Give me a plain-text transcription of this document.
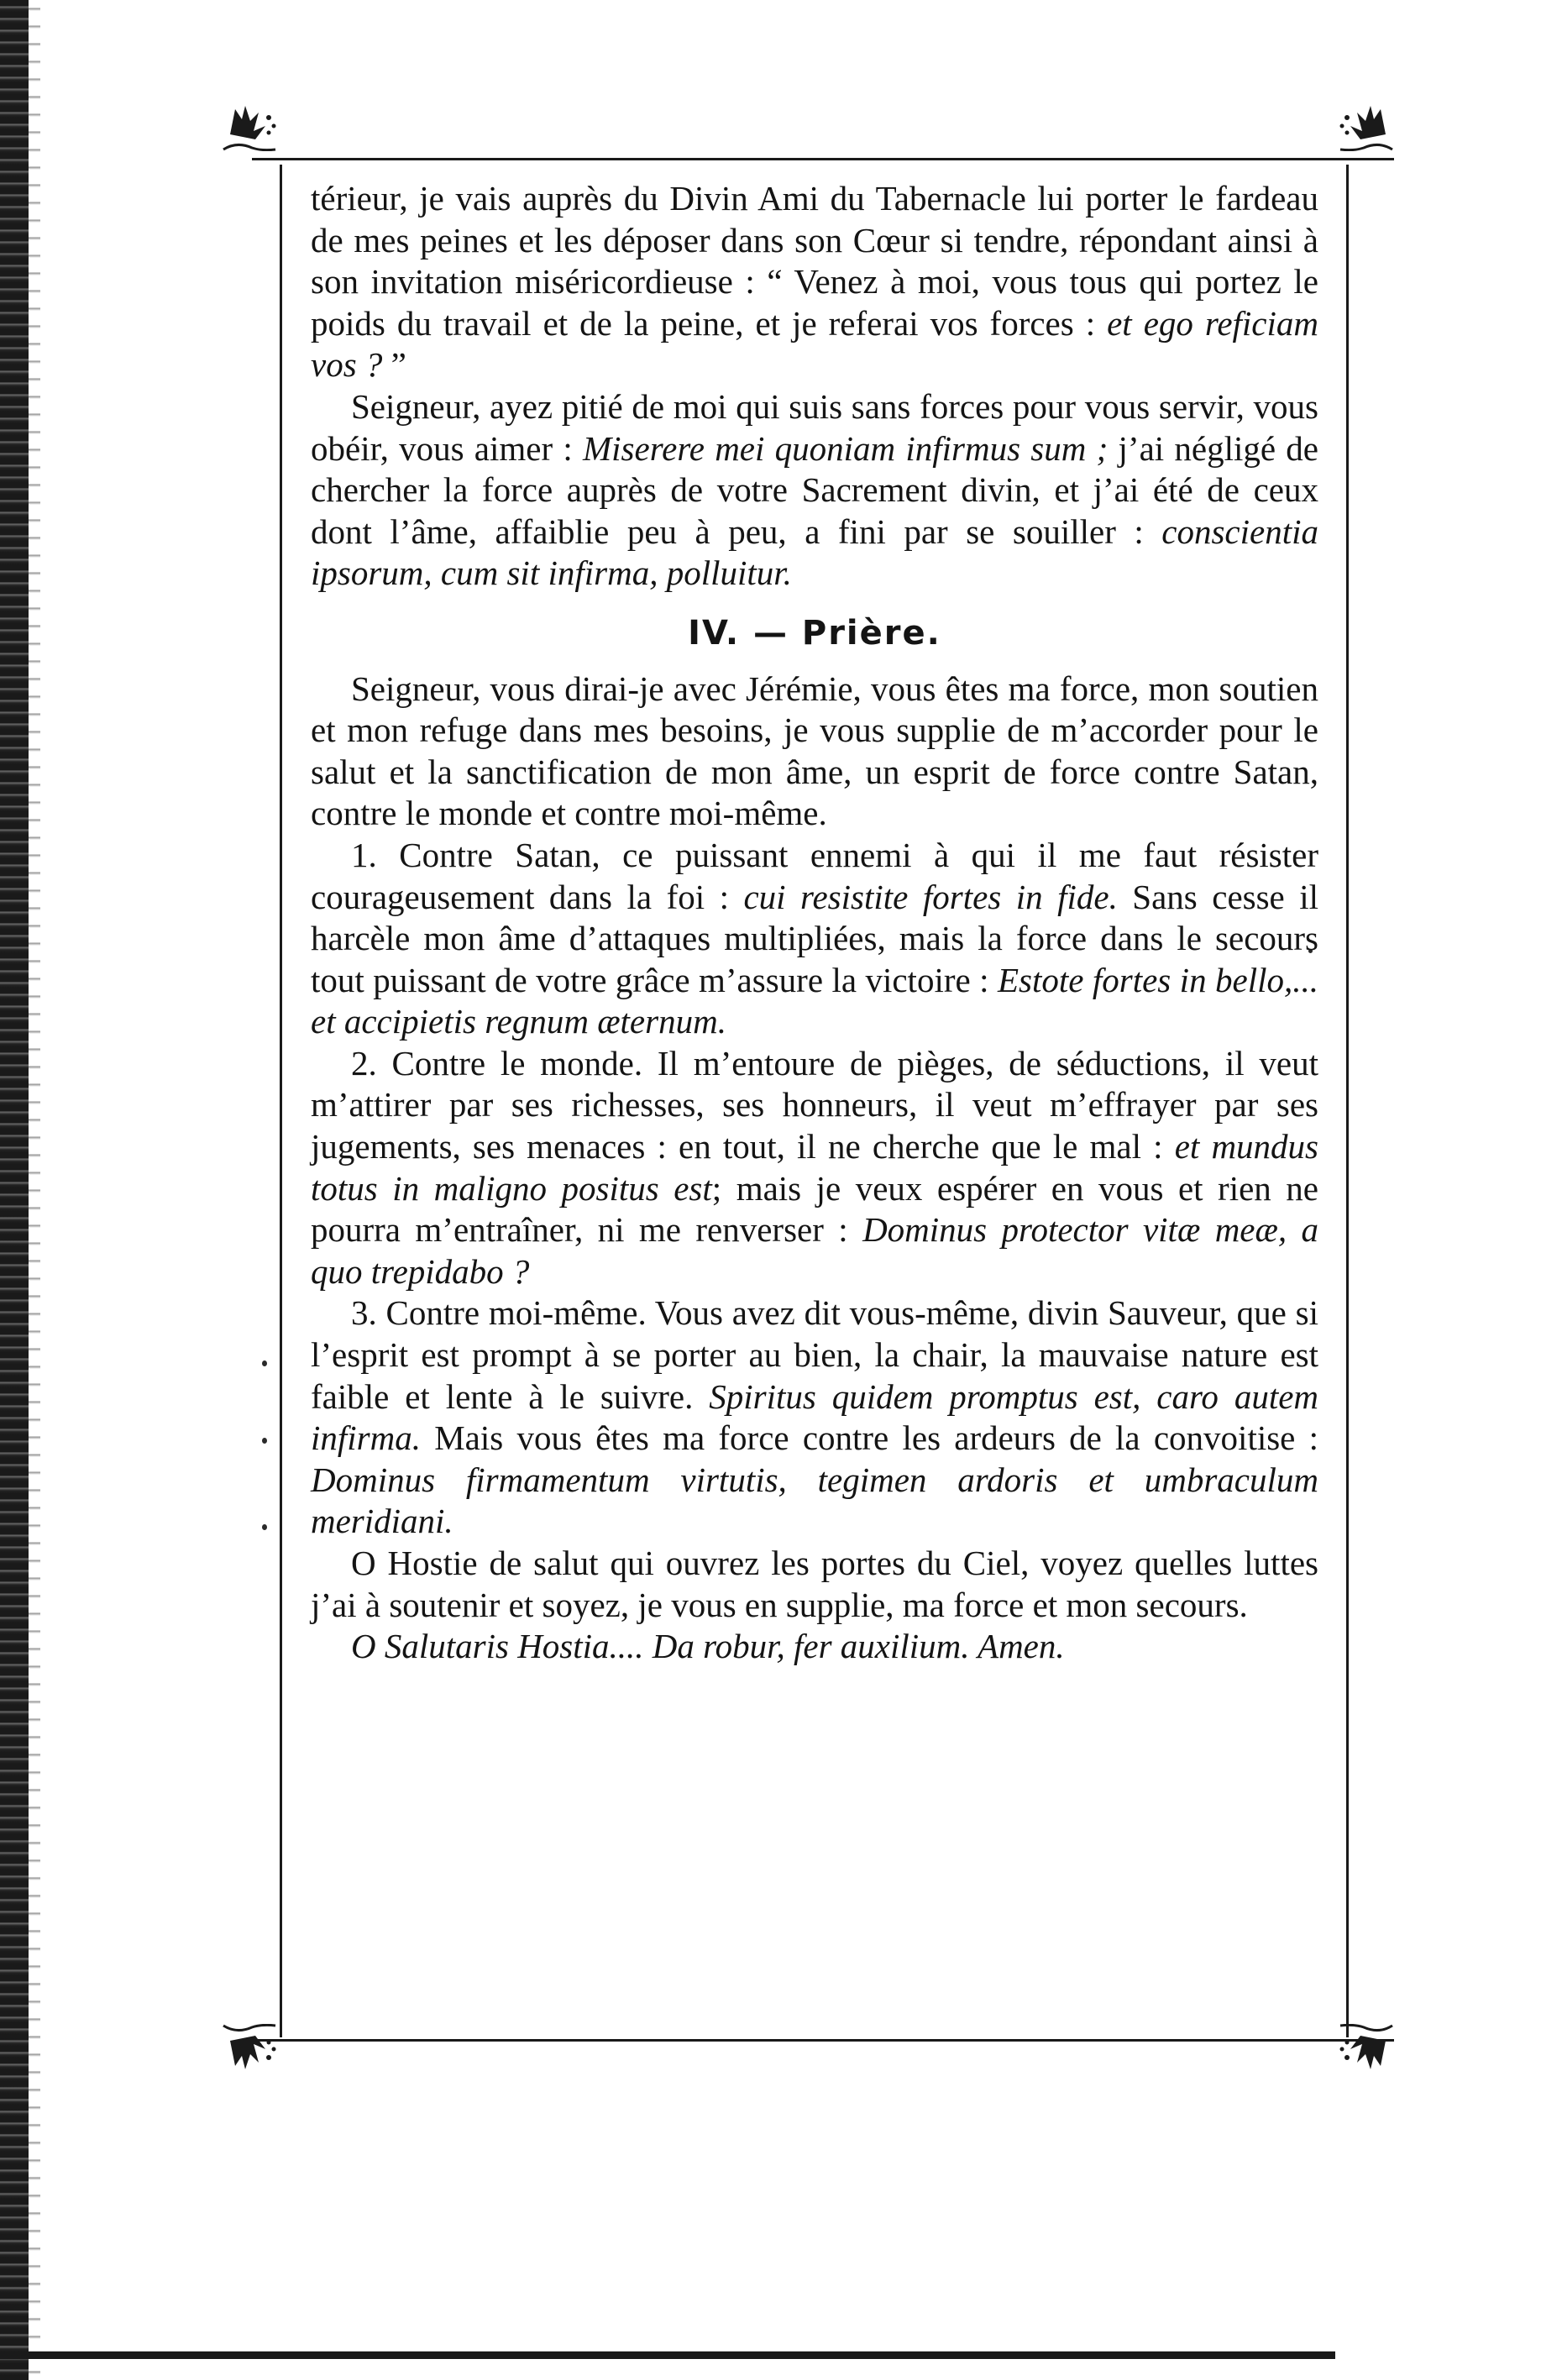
térieur, je vais auprès du Divin Ami du Tabernacle lui porter le fardeau de mes peines et les déposer dans son Cœur si tendre, répondant ainsi à son invitation miséricordieuse : “ Venez à moi, vous tous qui portez le poids du travail et de la peine, et je referai vos forces : et ego reficiam vos ? ”

Seigneur, ayez pitié de moi qui suis sans forces pour vous servir, vous obéir, vous aimer : Miserere mei quoniam infirmus sum ; j’ai négligé de chercher la force auprès de votre Sacrement divin, et j’ai été de ceux dont l’âme, affaiblie peu à peu, a fini par se souiller : conscientia ipsorum, cum sit infirma, polluitur.

IV. — Prière.

Seigneur, vous dirai-je avec Jérémie, vous êtes ma force, mon soutien et mon refuge dans mes besoins, je vous supplie de m’accorder pour le salut et la sanctification de mon âme, un esprit de force contre Satan, contre le monde et contre moi-même.

1. Contre Satan, ce puissant ennemi à qui il me faut résister courageusement dans la foi : cui resistite fortes in fide. Sans cesse il harcèle mon âme d’attaques multipliées, mais la force dans le secours tout puissant de votre grâce m’assure la victoire : Estote fortes in bello,... et accipietis regnum æternum.

2. Contre le monde. Il m’entoure de pièges, de séductions, il veut m’attirer par ses richesses, ses honneurs, il veut m’effrayer par ses jugements, ses menaces : en tout, il ne cherche que le mal : et mundus totus in maligno positus est; mais je veux espérer en vous et rien ne pourra m’entraîner, ni me renverser : Dominus protector vitæ meæ, a quo trepidabo ?

3. Contre moi-même. Vous avez dit vous-même, divin Sauveur, que si l’esprit est prompt à se porter au bien, la chair, la mauvaise nature est faible et lente à le suivre. Spiritus quidem promptus est, caro autem infirma. Mais vous êtes ma force contre les ardeurs de la convoitise : Dominus firmamentum virtutis, tegimen ardoris et umbraculum meridiani.

O Hostie de salut qui ouvrez les portes du Ciel, voyez quelles luttes j’ai à soutenir et soyez, je vous en supplie, ma force et mon secours.

O Salutaris Hostia.... Da robur, fer auxilium. Amen.
